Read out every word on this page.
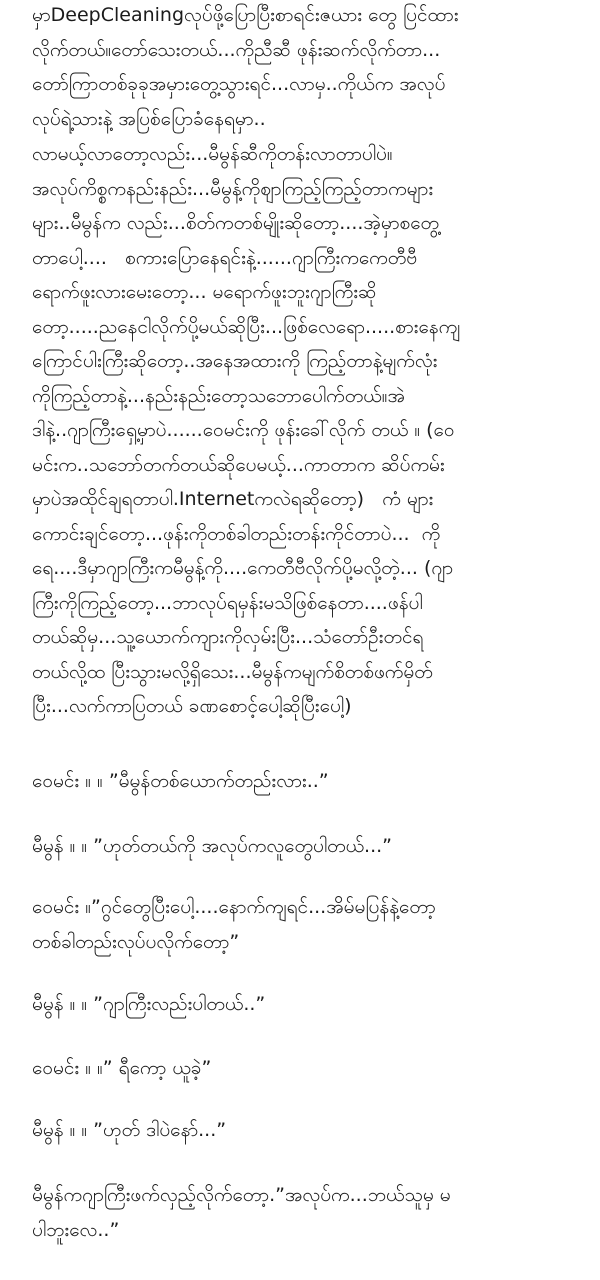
မှာDeepCleaningလုပ်ဖို့ပြောပြီးစာရင်းဇယား တွေ ပြင်ထား
လိုက်တယ်။တော်သေးတယ်...ကိုညီဆီ ဖုန်းဆက်လိုက်တာ...
တော်ကြာတစ်ခုခုအမှားတွေ့သွားရင်...လာမှ..ကိုယ်က အလုပ်
လုပ်ရဲ့သားနဲ့ အပြစ်ပြောခံနေရမှာ..

လာမယ့်လာတော့လည်း...မီမွန်ဆီကိုတန်းလာတာပါပဲ။
အလုပ်ကိစ္စကနည်းနည်း...မီမွန့်ကိုဈာကြည့်ကြည့်တာကများ
များ..မီမွန်က လည်း...စိတ်ကတစ်မျိုးဆိုတော့....အဲ့မှာစတွေ့
တာပေါ့....   စကားပြောနေရင်းနဲ့......ဂျာကြီးကကေတီဗီ
ရောက်ဖူးလားမေးတော့... မရောက်ဖူးဘူးဂျာကြီးဆို
တော့.....ညနေငါလိုက်ပို့မယ်ဆိုပြီး...ဖြစ်လေရော.....စားနေကျ
ကြောင်ပါးကြီးဆိုတော့..အနေအထားကို ကြည့်တာနဲ့မျက်လုံး
ကိုကြည့်တာနဲ့...နည်းနည်းတော့သဘောပေါက်တယ်။အဲ
ဒါနဲ့..ဂျာကြီးရှေ့မှာပဲ......ဝေမင်းကို ဖုန်းခေါ်လိုက် တယ် ။ (ဝေ
မင်းက..သဘော်တက်တယ်ဆိုပေမယ့်...ကာတာက ဆိပ်ကမ်း
မှာပဲအထိုင်ချရတာပါ.Internetကလဲရဆိုတော့)   ကံ များ
ကောင်းချင်တော့...ဖုန်းကိုတစ်ခါတည်းတန်းကိုင်တာပဲ...  ကို
ရေ....ဒီမှာဂျာကြီးကမီမွန့်ကို....ကေတီဗီလိုက်ပို့မလို့တဲ့... (ဂျာ
ကြီးကိုကြည့်တော့...ဘာလုပ်ရမှန်းမသိဖြစ်နေတာ....ဖန်ပါ
တယ်ဆိုမှ...သူ့ယောက်ကျားကိုလှမ်းပြီး...သံတော်ဦးတင်ရ
တယ်လို့ထ ပြီးသွားမလို့ရှိသေး...မီမွန်ကမျက်စိတစ်ဖက်မှိတ်
ပြီး...လက်ကာပြတယ် ခဏစောင့်ပေါ့ဆိုပြီးပေါ့)

ဝေမင်း ။ ။ ”မီမွန်တစ်ယောက်တည်းလား..”

မီမွန် ။ ။ ”ဟုတ်တယ်ကို အလုပ်ကလူတွေပါတယ်...”

ဝေမင်း ။”ဂွင်တွေပြီးပေါ့....နောက်ကျရင်...အိမ်မပြန်နဲ့တော့
တစ်ခါတည်းလုပ်ပလိုက်တော့”

မီမွန် ။ ။ ”ဂျာကြီးလည်းပါတယ်..”

ဝေမင်း ။ ။” ရီကော့ ယူခဲ့”

မီမွန် ။ ။ ”ဟုတ် ဒါပဲနော်...”

မီမွန်ကဂျာကြီးဖက်လှည့်လိုက်တော့.”အလုပ်က...ဘယ်သူမှ မ
ပါဘူးလေ..”
